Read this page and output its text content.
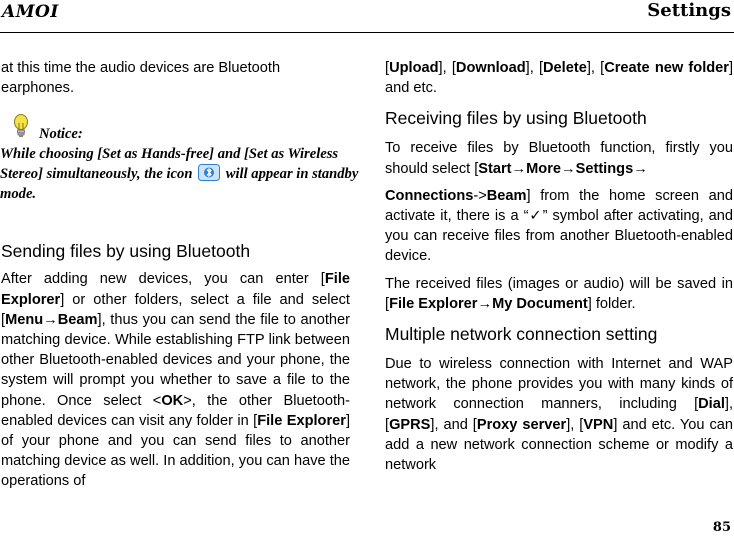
AMOI	Settings

at this time the audio devices are Bluetooth earphones.

Notice:
While choosing [Set as Hands-free] and [Set as Wireless Stereo] simultaneously, the icon will appear in standby mode.
Sending files by using Bluetooth

After adding new devices, you can enter [File Explorer] or other folders, select a file and select [Menu→Beam], thus you can send the file to another matching device. While establishing FTP link between other Bluetooth-enabled devices and your phone, the system will prompt you whether to save a file to the phone. Once select <OK>, the other Bluetooth-enabled devices can visit any folder in [File Explorer] of your phone and you can send files to another matching device as well. In addition, you can have the operations of

[Upload], [Download], [Delete], [Create new folder] and etc.

Receiving files by using Bluetooth

To receive files by Bluetooth function, firstly you should select [Start→More→Settings→

Connections->Beam] from the home screen and activate it, there is a “✓” symbol after activating, and you can receive files from another Bluetooth-enabled device.

The received files (images or audio) will be saved in [File Explorer→My Document] folder.

Multiple network connection setting

Due to wireless connection with Internet and WAP network, the phone provides you with many kinds of network connection manners, including [Dial], [GPRS], and [Proxy server], [VPN] and etc. You can add a new network connection scheme or modify a network

85
